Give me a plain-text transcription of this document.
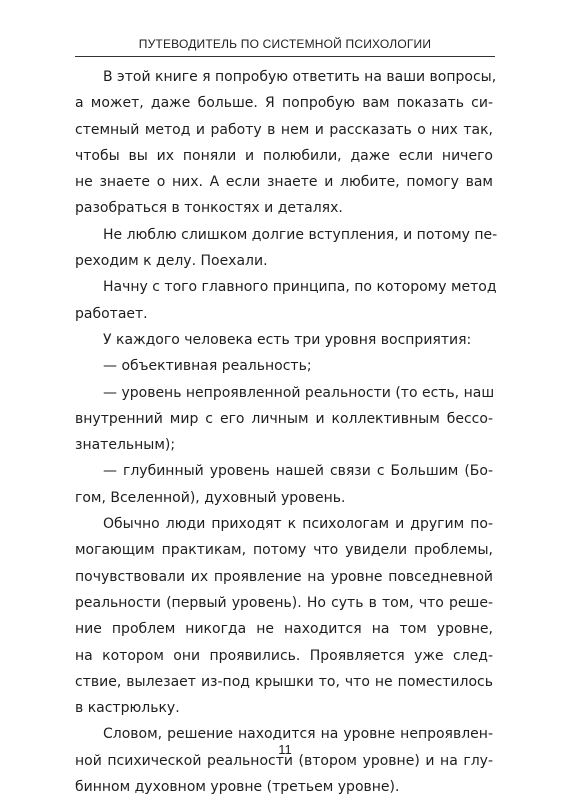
ПУТЕВОДИТЕЛЬ ПО СИСТЕМНОЙ ПСИХОЛОГИИ
  В этой книге я попробую ответить на ваши вопросы,
а может, даже больше. Я попробую вам показать си-
стемный метод и работу в нем и рассказать о них так,
чтобы вы их поняли и полюбили, даже если ничего
не знаете о них. А если знаете и любите, помогу вам
разобраться в тонкостях и деталях.
  Не люблю слишком долгие вступления, и потому пе-
реходим к делу. Поехали.
  Начну с того главного принципа, по которому метод
работает.
  У каждого человека есть три уровня восприятия:
  — объективная реальность;
  — уровень непроявленной реальности (то есть, наш
внутренний мир с его личным и коллективным бессо-
знательным);
  — глубинный уровень нашей связи с Большим (Бо-
гом, Вселенной), духовный уровень.
  Обычно люди приходят к психологам и другим по-
могающим практикам, потому что увидели проблемы,
почувствовали их проявление на уровне повседневной
реальности (первый уровень). Но суть в том, что реше-
ние проблем никогда не находится на том уровне,
на котором они проявились. Проявляется уже след-
ствие, вылезает из-под крышки то, что не поместилось
в кастрюльку.
  Словом, решение находится на уровне непроявлен-
ной психической реальности (втором уровне) и на глу-
бинном духовном уровне (третьем уровне).
11
